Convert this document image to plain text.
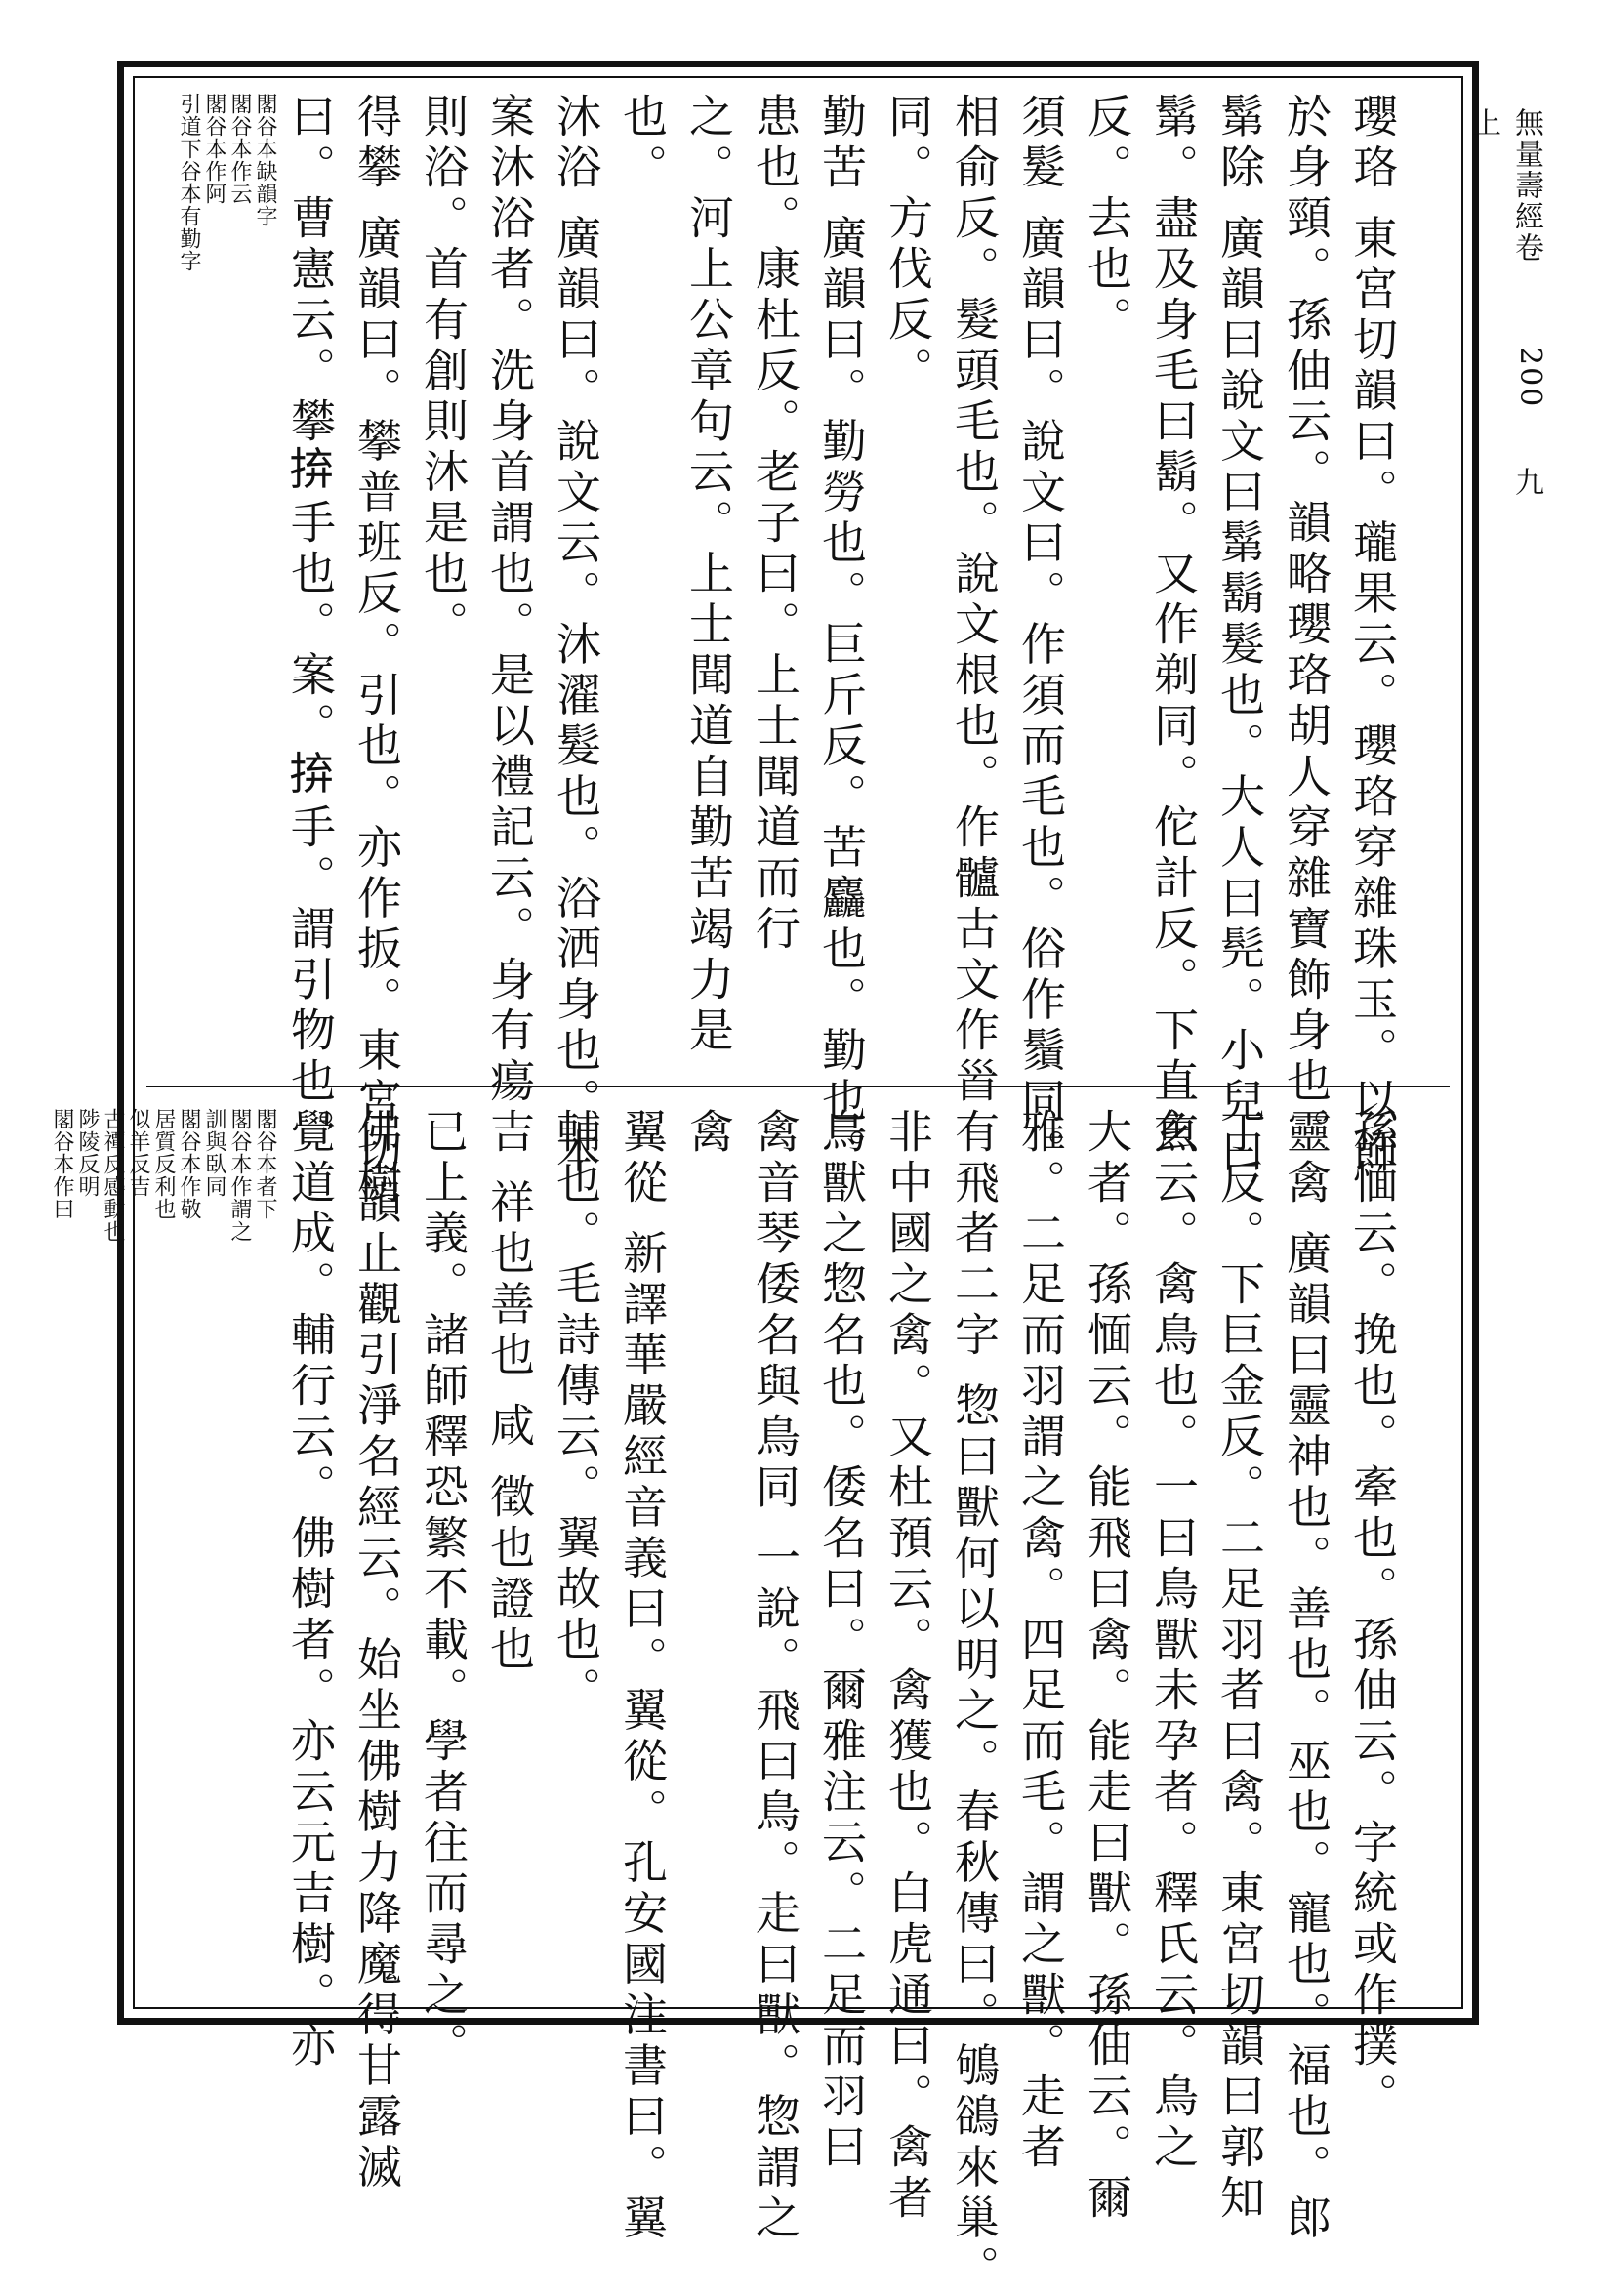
無量壽經卷上
200
九
瓔珞 東宮切韻曰。瓏果云。瓔珞穿雜珠玉。以飾
於身頸。孫伷云。韻略瓔珞胡人穿雜寶飾身也。
鬀除 廣韻曰說文曰鬀鬍髮也。大人曰髡。小兒曰
鬀。盡及身毛曰鬍。又作剃同。佗計反。下直魚
反。去也。
須髮 廣韻曰。說文曰。作須而毛也。俗作鬚同。
相俞反。髮頭毛也。說文根也。作髗古文作𩠐
同。方伐反。
勤苦 廣韻曰。勤勞也。巨斤反。苦麤也。勤也。
患也。康杜反。老子曰。上士聞道而行
之。河上公章句云。上士聞道自勤苦竭力是
也。
沐浴 廣韻曰。說文云。沐濯髮也。浴洒身也。本
案沐浴者。洗身首謂也。是以禮記云。身有瘍
則浴。首有創則沐是也。
得攀 廣韻曰。攀普班反。引也。亦作扳。東宮切韻
曰。曹憲云。攀𢬵手也。案。𢬵手。謂引物也。
閣谷本缺韻字
閣谷本作云
閣谷本作阿
引道下谷本有勤字
孫愐云。挽也。牽也。孫伷云。字統或作撲。
靈禽 廣韻曰靈神也。善也。巫也。寵也。福也。郎
丁反。下巨金反。二足羽者曰禽。東宮切韻曰郭知
玄云。禽鳥也。一曰鳥獸未孕者。釋氏云。鳥之
大者。孫愐云。能飛曰禽。能走曰獸。孫伷云。爾
雅。二足而羽謂之禽。四足而毛。謂之獸。走者
有飛者二字 惣曰獸何以明之。春秋傳曰。鴝鵒來巢。
非中國之禽。又杜預云。禽獲也。白虎通曰。禽者
鳥獸之惣名也。倭名曰。爾雅注云。二足而羽曰
禽音琴倭名與鳥同 一說。飛曰鳥。走曰獸。惣謂之
禽
翼從 新譯華嚴經音義曰。翼從。孔安國注書曰。翼
輔也。毛詩傳云。翼故也。
吉 祥也善也 咸 徵也證也
已上義。諸師釋恐繁不載。學者往而尋之。
佛樹 止觀引淨名經云。始坐佛樹力降魔得甘露滅
覺道成。輔行云。佛樹者。亦云元吉樹。亦
閣谷本者下
閣谷本作謂之
訓與臥同
閣谷本作敬
居質反利也
似羊反吉
古禫反感動也
陟陵反明
閣谷本作曰
